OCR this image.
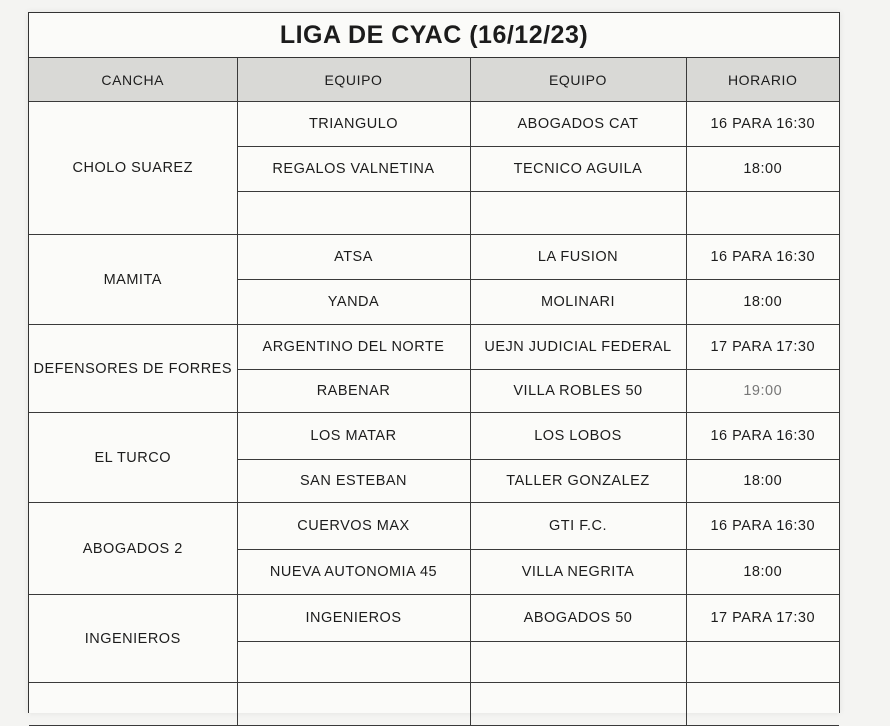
LIGA DE CYAC (16/12/23)
CANCHA	EQUIPO	EQUIPO	HORARIO
CHOLO SUAREZ	TRIANGULO	ABOGADOS CAT	16 PARA 16:30
	REGALOS VALNETINA	TECNICO AGUILA	18:00

MAMITA	ATSA	LA FUSION	16 PARA 16:30
	YANDA	MOLINARI	18:00
DEFENSORES DE FORRES	ARGENTINO DEL NORTE	UEJN JUDICIAL FEDERAL	17 PARA 17:30
	RABENAR	VILLA ROBLES 50	19:00
EL TURCO	LOS MATAR	LOS LOBOS	16 PARA 16:30
	SAN ESTEBAN	TALLER GONZALEZ	18:00
ABOGADOS 2	CUERVOS MAX	GTI F.C.	16 PARA 16:30
	NUEVA AUTONOMIA 45	VILLA NEGRITA	18:00
INGENIEROS	INGENIEROS	ABOGADOS 50	17 PARA 17:30
